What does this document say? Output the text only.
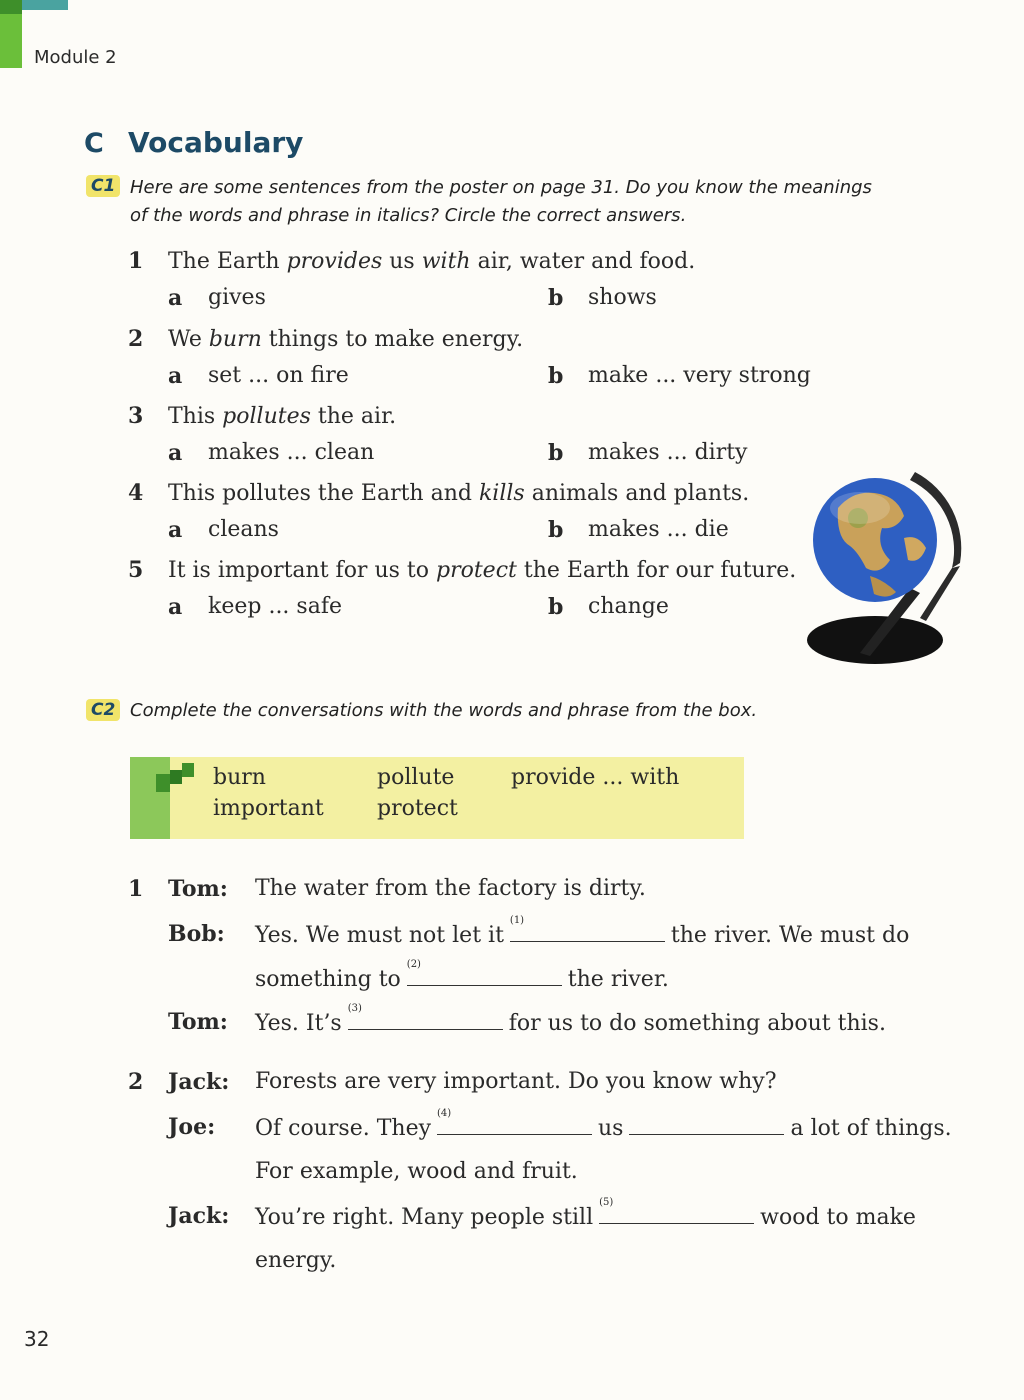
Module 2
C Vocabulary
C1 Here are some sentences from the poster on page 31. Do you know the meanings
of the words and phrase in italics? Circle the correct answers.
1 The Earth provides us with air, water and food.
a gives	b shows
2 We burn things to make energy.
a set ... on fire	b make ... very strong
3 This pollutes the air.
a makes ... clean	b makes ... dirty
4 This pollutes the Earth and kills animals and plants.
a cleans	b makes ... die
5 It is important for us to protect the Earth for our future.
a keep ... safe	b change
C2 Complete the conversations with the words and phrase from the box.
burn	pollute	provide ... with
important protect
1 Tom: The water from the factory is dirty.
Bob: Yes. We must not let it
(1)
the river. We must do
something to
(2)
the river.
Tom: Yes. It’s
(3)
for us to do something about this.
2 Jack: Forests are very important. Do you know why?
Joe: Of course. They
(4)
us	a lot of things.
For example, wood and fruit.
Jack: You’re right. Many people still
(5)
wood to make
energy.
32
